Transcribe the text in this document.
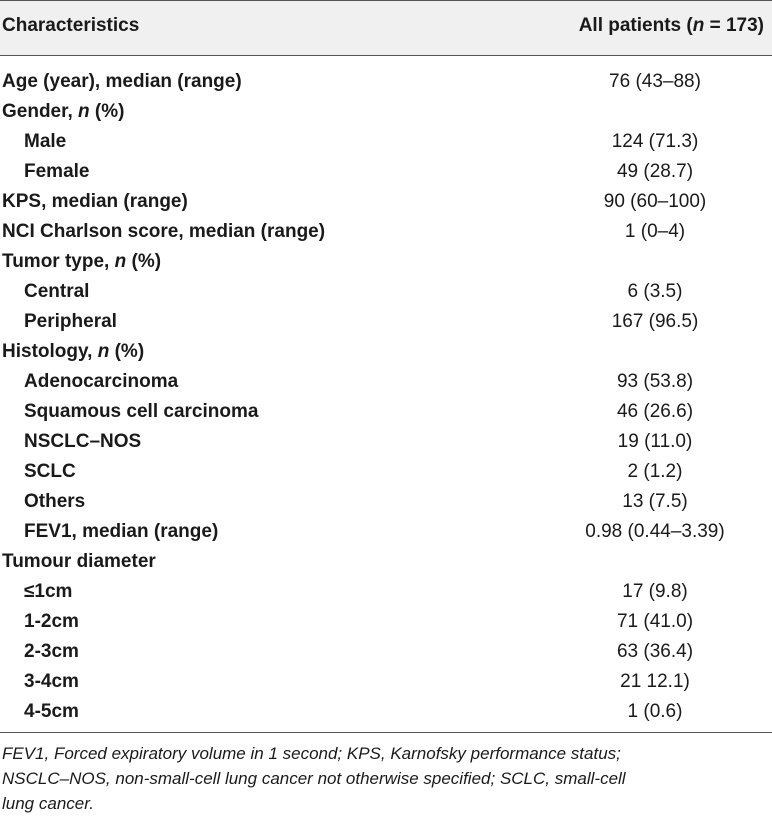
Characteristics	All patients (n = 173)
Age (year), median (range)	76 (43–88)
Gender, n (%)
Male	124 (71.3)
Female	49 (28.7)
KPS, median (range)	90 (60–100)
NCI Charlson score, median (range)	1 (0–4)
Tumor type, n (%)
Central	6 (3.5)
Peripheral	167 (96.5)
Histology, n (%)
Adenocarcinoma	93 (53.8)
Squamous cell carcinoma	46 (26.6)
NSCLC–NOS	19 (11.0)
SCLC	2 (1.2)
Others	13 (7.5)
FEV1, median (range)	0.98 (0.44–3.39)
Tumour diameter
≤1cm	17 (9.8)
1-2cm	71 (41.0)
2-3cm	63 (36.4)
3-4cm	21 12.1)
4-5cm	1 (0.6)
FEV1, Forced expiratory volume in 1 second; KPS, Karnofsky performance status;
NSCLC–NOS, non-small-cell lung cancer not otherwise specified; SCLC, small-cell
lung cancer.
